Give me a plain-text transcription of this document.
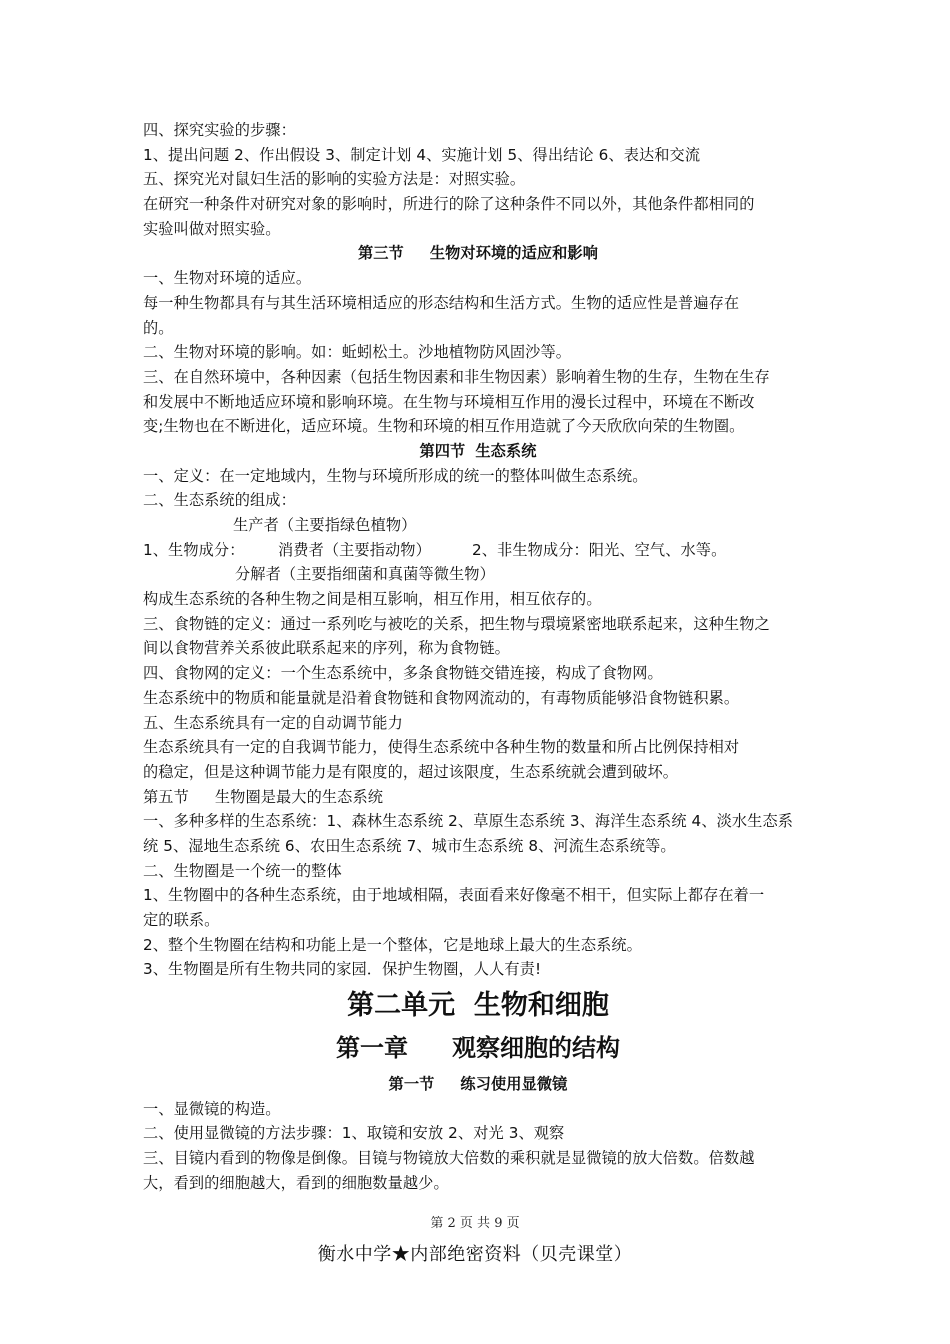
四、探究实验的步骤：
1、提出问题 2、作出假设 3、制定计划 4、实施计划 5、得出结论 6、表达和交流
五、探究光对鼠妇生活的影响的实验方法是：对照实验。
在研究一种条件对研究对象的影响时，所进行的除了这种条件不同以外，其他条件都相同的
实验叫做对照实验。
第三节 生物对环境的适应和影响
一、生物对环境的适应。
每一种生物都具有与其生活环境相适应的形态结构和生活方式。生物的适应性是普遍存在
的。
二、生物对环境的影响。如：蚯蚓松土。沙地植物防风固沙等。
三、在自然环境中，各种因素（包括生物因素和非生物因素）影响着生物的生存，生物在生存
和发展中不断地适应环境和影响环境。在生物与环境相互作用的漫长过程中，环境在不断改
变;生物也在不断进化，适应环境。生物和环境的相互作用造就了今天欣欣向荣的生物圈。
第四节 生态系统
一、定义：在一定地域内，生物与环境所形成的统一的整体叫做生态系统。
二、生态系统的组成：
生产者（主要指绿色植物）
1、生物成分： 消费者（主要指动物）	2、非生物成分：阳光、空气、水等。
分解者（主要指细菌和真菌等微生物）
构成生态系统的各种生物之间是相互影响，相互作用，相互依存的。
三、食物链的定义：通过一系列吃与被吃的关系，把生物与環境紧密地联系起来，这种生物之
间以食物营养关系彼此联系起来的序列，称为食物链。
四、食物网的定义：一个生态系统中，多条食物链交错连接，构成了食物网。
生态系统中的物质和能量就是沿着食物链和食物网流动的，有毒物质能够沿食物链积累。
五、生态系统具有一定的自动调节能力
生态系统具有一定的自我调节能力，使得生态系统中各种生物的数量和所占比例保持相对
的稳定，但是这种调节能力是有限度的，超过该限度，生态系统就会遭到破坏。
第五节 生物圈是最大的生态系统
一、多种多样的生态系统：1、森林生态系统 2、草原生态系统 3、海洋生态系统 4、淡水生态系
统 5、湿地生态系统 6、农田生态系统 7、城市生态系统 8、河流生态系统等。
二、生物圈是一个统一的整体
1、生物圈中的各种生态系统，由于地域相隔，表面看来好像毫不相干，但实际上都存在着一
定的联系。
2、整个生物圈在结构和功能上是一个整体，它是地球上最大的生态系统。
3、生物圈是所有生物共同的家园．保护生物圈，人人有责!
第二单元  生物和细胞
第一章 观察细胞的结构
第一节 练习使用显微镜
一、显微镜的构造。
二、使用显微镜的方法步骤：1、取镜和安放 2、对光 3、观察
三、目镜内看到的物像是倒像。目镜与物镜放大倍数的乘积就是显微镜的放大倍数。倍数越
大，看到的细胞越大，看到的细胞数量越少。
第 2 页 共 9 页
衡水中学★内部绝密资料（贝壳课堂）
